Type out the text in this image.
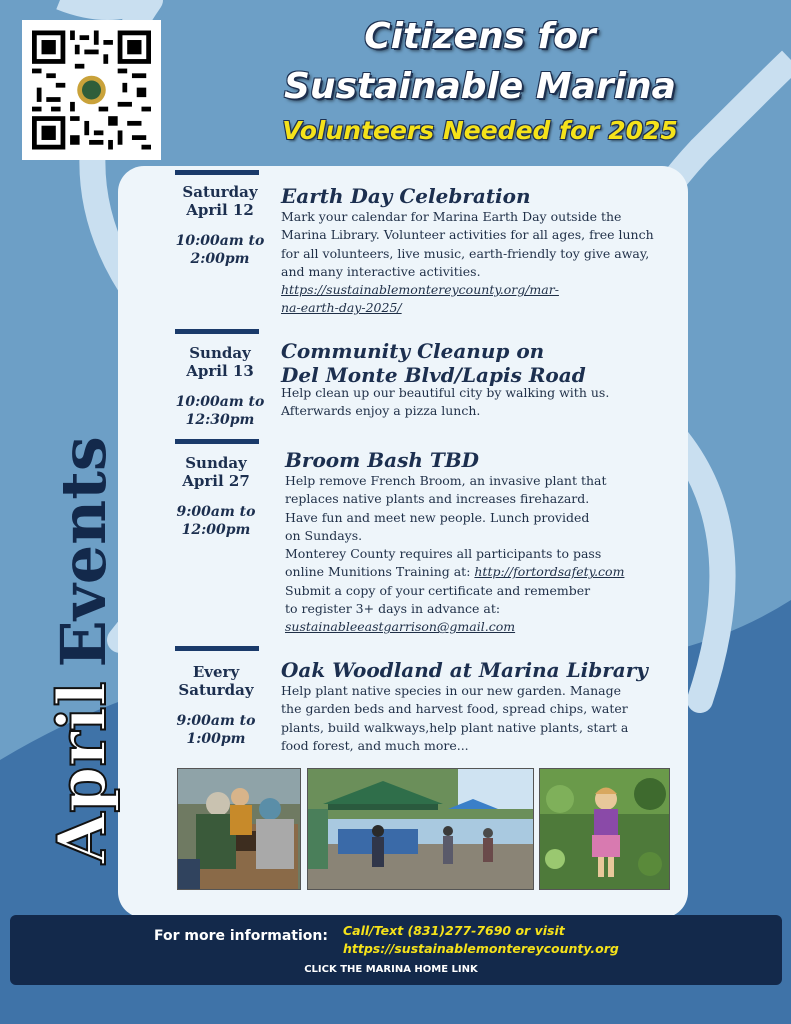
Citizens for
Sustainable Marina
Volunteers Needed for 2025
AprilEvents
Saturday
April 12
10:00am to
2:00pm
Earth Day Celebration
Mark your calendar for Marina Earth Day outside the
Marina Library. Volunteer activities for all ages, free lunch
for all volunteers, live music, earth-friendly toy give away,
and many interactive activities.
https://sustainablemontereycounty.org/mar-
na-earth-day-2025/
Sunday
April 13
10:00am to
12:30pm
Community Cleanup on
Del Monte Blvd/Lapis Road
Help clean up our beautiful city by walking with us.
Afterwards enjoy a pizza lunch.
Sunday
April 27
9:00am to
12:00pm
Broom Bash TBD
Help remove French Broom, an invasive plant that
replaces native plants and increases firehazard.
Have fun and meet new people. Lunch provided
on Sundays.
Monterey County requires all participants to pass
online Munitions Training at: http://fortordsafety.com
Submit a copy of your certificate and remember
to register 3+ days in advance at:
sustainableeastgarrison@gmail.com
Every
Saturday
9:00am to
1:00pm
Oak Woodland at Marina Library
Help plant native species in our new garden. Manage
the garden beds and harvest food, spread chips, water
plants, build walkways,help plant native plants, start a
food forest, and much more...
For more information: Call/Text (831)277-7690 or visit
https://sustainablemontereycounty.org
CLICK THE MARINA HOME LINK
